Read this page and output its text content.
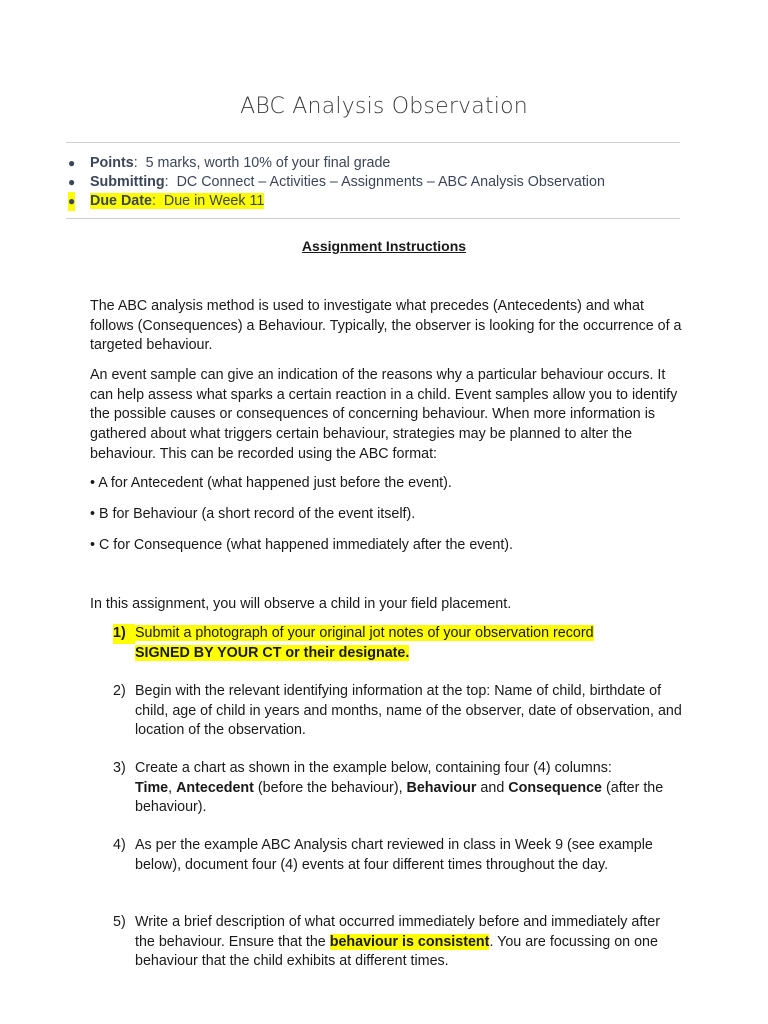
ABC Analysis Observation
● Points:  5 marks, worth 10% of your final grade
● Submitting:  DC Connect – Activities – Assignments – ABC Analysis Observation
● Due Date:  Due in Week 11
Assignment Instructions
The ABC analysis method is used to investigate what precedes (Antecedents) and what follows (Consequences) a Behaviour. Typically, the observer is looking for the occurrence of a targeted behaviour.
An event sample can give an indication of the reasons why a particular behaviour occurs. It can help assess what sparks a certain reaction in a child. Event samples allow you to identify the possible causes or consequences of concerning behaviour. When more information is gathered about what triggers certain behaviour, strategies may be planned to alter the behaviour. This can be recorded using the ABC format:
• A for Antecedent (what happened just before the event).
• B for Behaviour (a short record of the event itself).
• C for Consequence (what happened immediately after the event).
In this assignment, you will observe a child in your field placement.
1) Submit a photograph of your original jot notes of your observation record
SIGNED BY YOUR CT or their designate.
2) Begin with the relevant identifying information at the top: Name of child, birthdate of child, age of child in years and months, name of the observer, date of observation, and location of the observation.
3) Create a chart as shown in the example below, containing four (4) columns:
Time, Antecedent (before the behaviour), Behaviour and Consequence (after the behaviour).
4) As per the example ABC Analysis chart reviewed in class in Week 9 (see example below), document four (4) events at four different times throughout the day.
5) Write a brief description of what occurred immediately before and immediately after the behaviour. Ensure that the behaviour is consistent. You are focussing on one behaviour that the child exhibits at different times.
